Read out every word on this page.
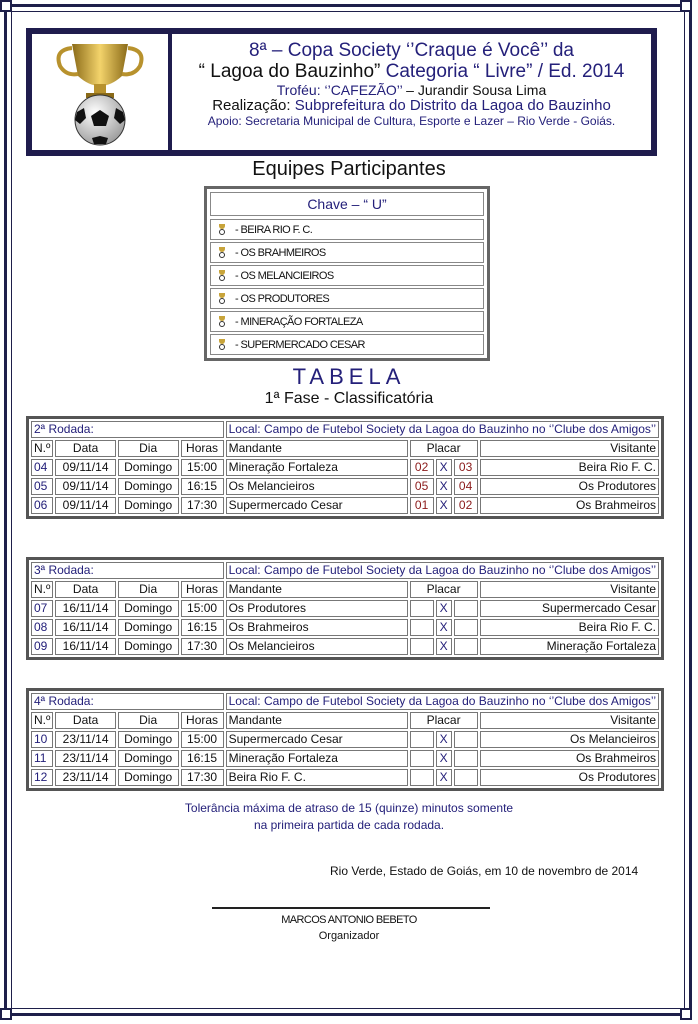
8ª – Copa Society ‘’Craque é Você’’ da
“ Lagoa do Bauzinho” Categoria “ Livre” / Ed. 2014
Troféu: ‘’CAFEZÃO’’ – Jurandir Sousa Lima
Realização: Subprefeitura do Distrito da Lagoa do Bauzinho
Apoio: Secretaria Municipal de Cultura, Esporte e Lazer – Rio Verde - Goiás.
Equipes Participantes
Chave – “ U”
- BEIRA RIO F. C.
- OS BRAHMEIROS
- OS MELANCIEIROS
- OS PRODUTORES
- MINERAÇÃO FORTALEZA
- SUPERMERCADO CESAR
TABELA
1ª Fase - Classificatória
2ª Rodada:				Local: Campo de Futebol Society da Lagoa do Bauzinho no ‘’Clube dos Amigos’’				
N.º	Data	Dia	Horas	Mandante	Placar			Visitante
04	09/11/14	Domingo	15:00	Mineração Fortaleza	02	X	03	Beira Rio F. C.
05	09/11/14	Domingo	16:15	Os Melancieiros	05	X	04	Os Produtores
06	09/11/14	Domingo	17:30	Supermercado Cesar	01	X	02	Os Brahmeiros
3ª Rodada:				Local: Campo de Futebol Society da Lagoa do Bauzinho no ‘’Clube dos Amigos’’				
N.º	Data	Dia	Horas	Mandante	Placar			Visitante
07	16/11/14	Domingo	15:00	Os Produtores		X		Supermercado Cesar
08	16/11/14	Domingo	16:15	Os Brahmeiros		X		Beira Rio F. C.
09	16/11/14	Domingo	17:30	Os Melancieiros		X		Mineração Fortaleza
4ª Rodada:				Local: Campo de Futebol Society da Lagoa do Bauzinho no ‘’Clube dos Amigos’’				
N.º	Data	Dia	Horas	Mandante	Placar			Visitante
10	23/11/14	Domingo	15:00	Supermercado Cesar		X		Os Melancieiros
11	23/11/14	Domingo	16:15	Mineração Fortaleza		X		Os Brahmeiros
12	23/11/14	Domingo	17:30	Beira Rio F. C.		X		Os Produtores
Tolerância máxima de atraso de 15 (quinze) minutos somente
na primeira partida de cada rodada.
Rio Verde, Estado de Goiás, em 10 de novembro de 2014
MARCOS ANTONIO BEBETO
Organizador
